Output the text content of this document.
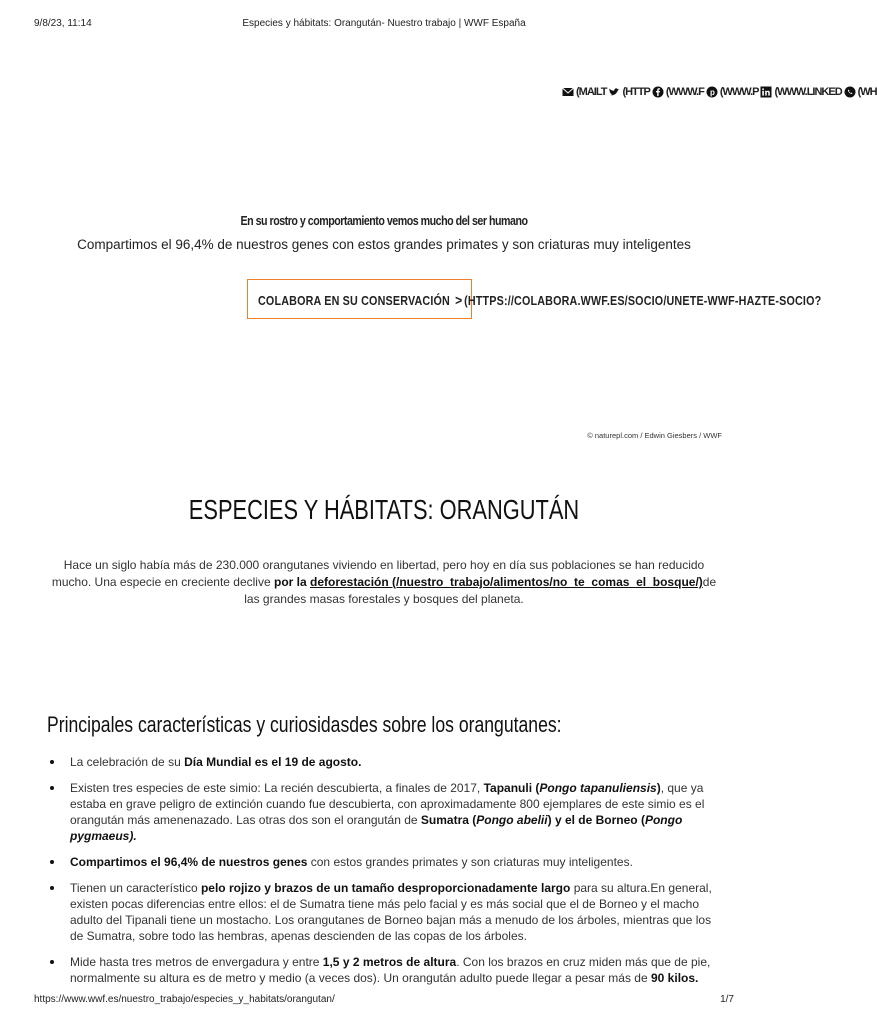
9/8/23, 11:14	Especies y hábitats: Orangután- Nuestro trabajo | WWF España
(MAILT (HTTP (WWW.F p (WWW.P (WWW.LINKED (WH
En su rostro y comportamiento vemos mucho del ser humano
Compartimos el 96,4% de nuestros genes con estos grandes primates y son criaturas muy inteligentes
COLABORA EN SU CONSERVACIÓN > (HTTPS://COLABORA.WWF.ES/SOCIO/UNETE-WWF-HAZTE-SOCIO?
© naturepl.com / Edwin Giesbers / WWF
ESPECIES Y HÁBITATS: ORANGUTÁN
Hace un siglo había más de 230.000 orangutanes viviendo en libertad, pero hoy en día sus poblaciones se han reducido mucho. Una especie en creciente declive por la deforestación (/nuestro_trabajo/alimentos/no_te_comas_el_bosque/)de las grandes masas forestales y bosques del planeta.
Principales características y curiosidasdes sobre los orangutanes:
La celebración de su Día Mundial es el 19 de agosto.
Existen tres especies de este simio: La recién descubierta, a finales de 2017, Tapanuli (Pongo tapanuliensis), que ya estaba en grave peligro de extinción cuando fue descubierta, con aproximadamente 800 ejemplares de este simio es el orangután más amenenazado. Las otras dos son el orangután de Sumatra (Pongo abelii) y el de Borneo (Pongo pygmaeus).
Compartimos el 96,4% de nuestros genes con estos grandes primates y son criaturas muy inteligentes.
Tienen un característico pelo rojizo y brazos de un tamaño desproporcionadamente largo para su altura.En general, existen pocas diferencias entre ellos: el de Sumatra tiene más pelo facial y es más social que el de Borneo y el macho adulto del Tipanali tiene un mostacho. Los orangutanes de Borneo bajan más a menudo de los árboles, mientras que los de Sumatra, sobre todo las hembras, apenas descienden de las copas de los árboles.
Mide hasta tres metros de envergadura y entre 1,5 y 2 metros de altura. Con los brazos en cruz miden más que de pie, normalmente su altura es de metro y medio (a veces dos). Un orangután adulto puede llegar a pesar más de 90 kilos.
https://www.wwf.es/nuestro_trabajo/especies_y_habitats/orangutan/	1/7
